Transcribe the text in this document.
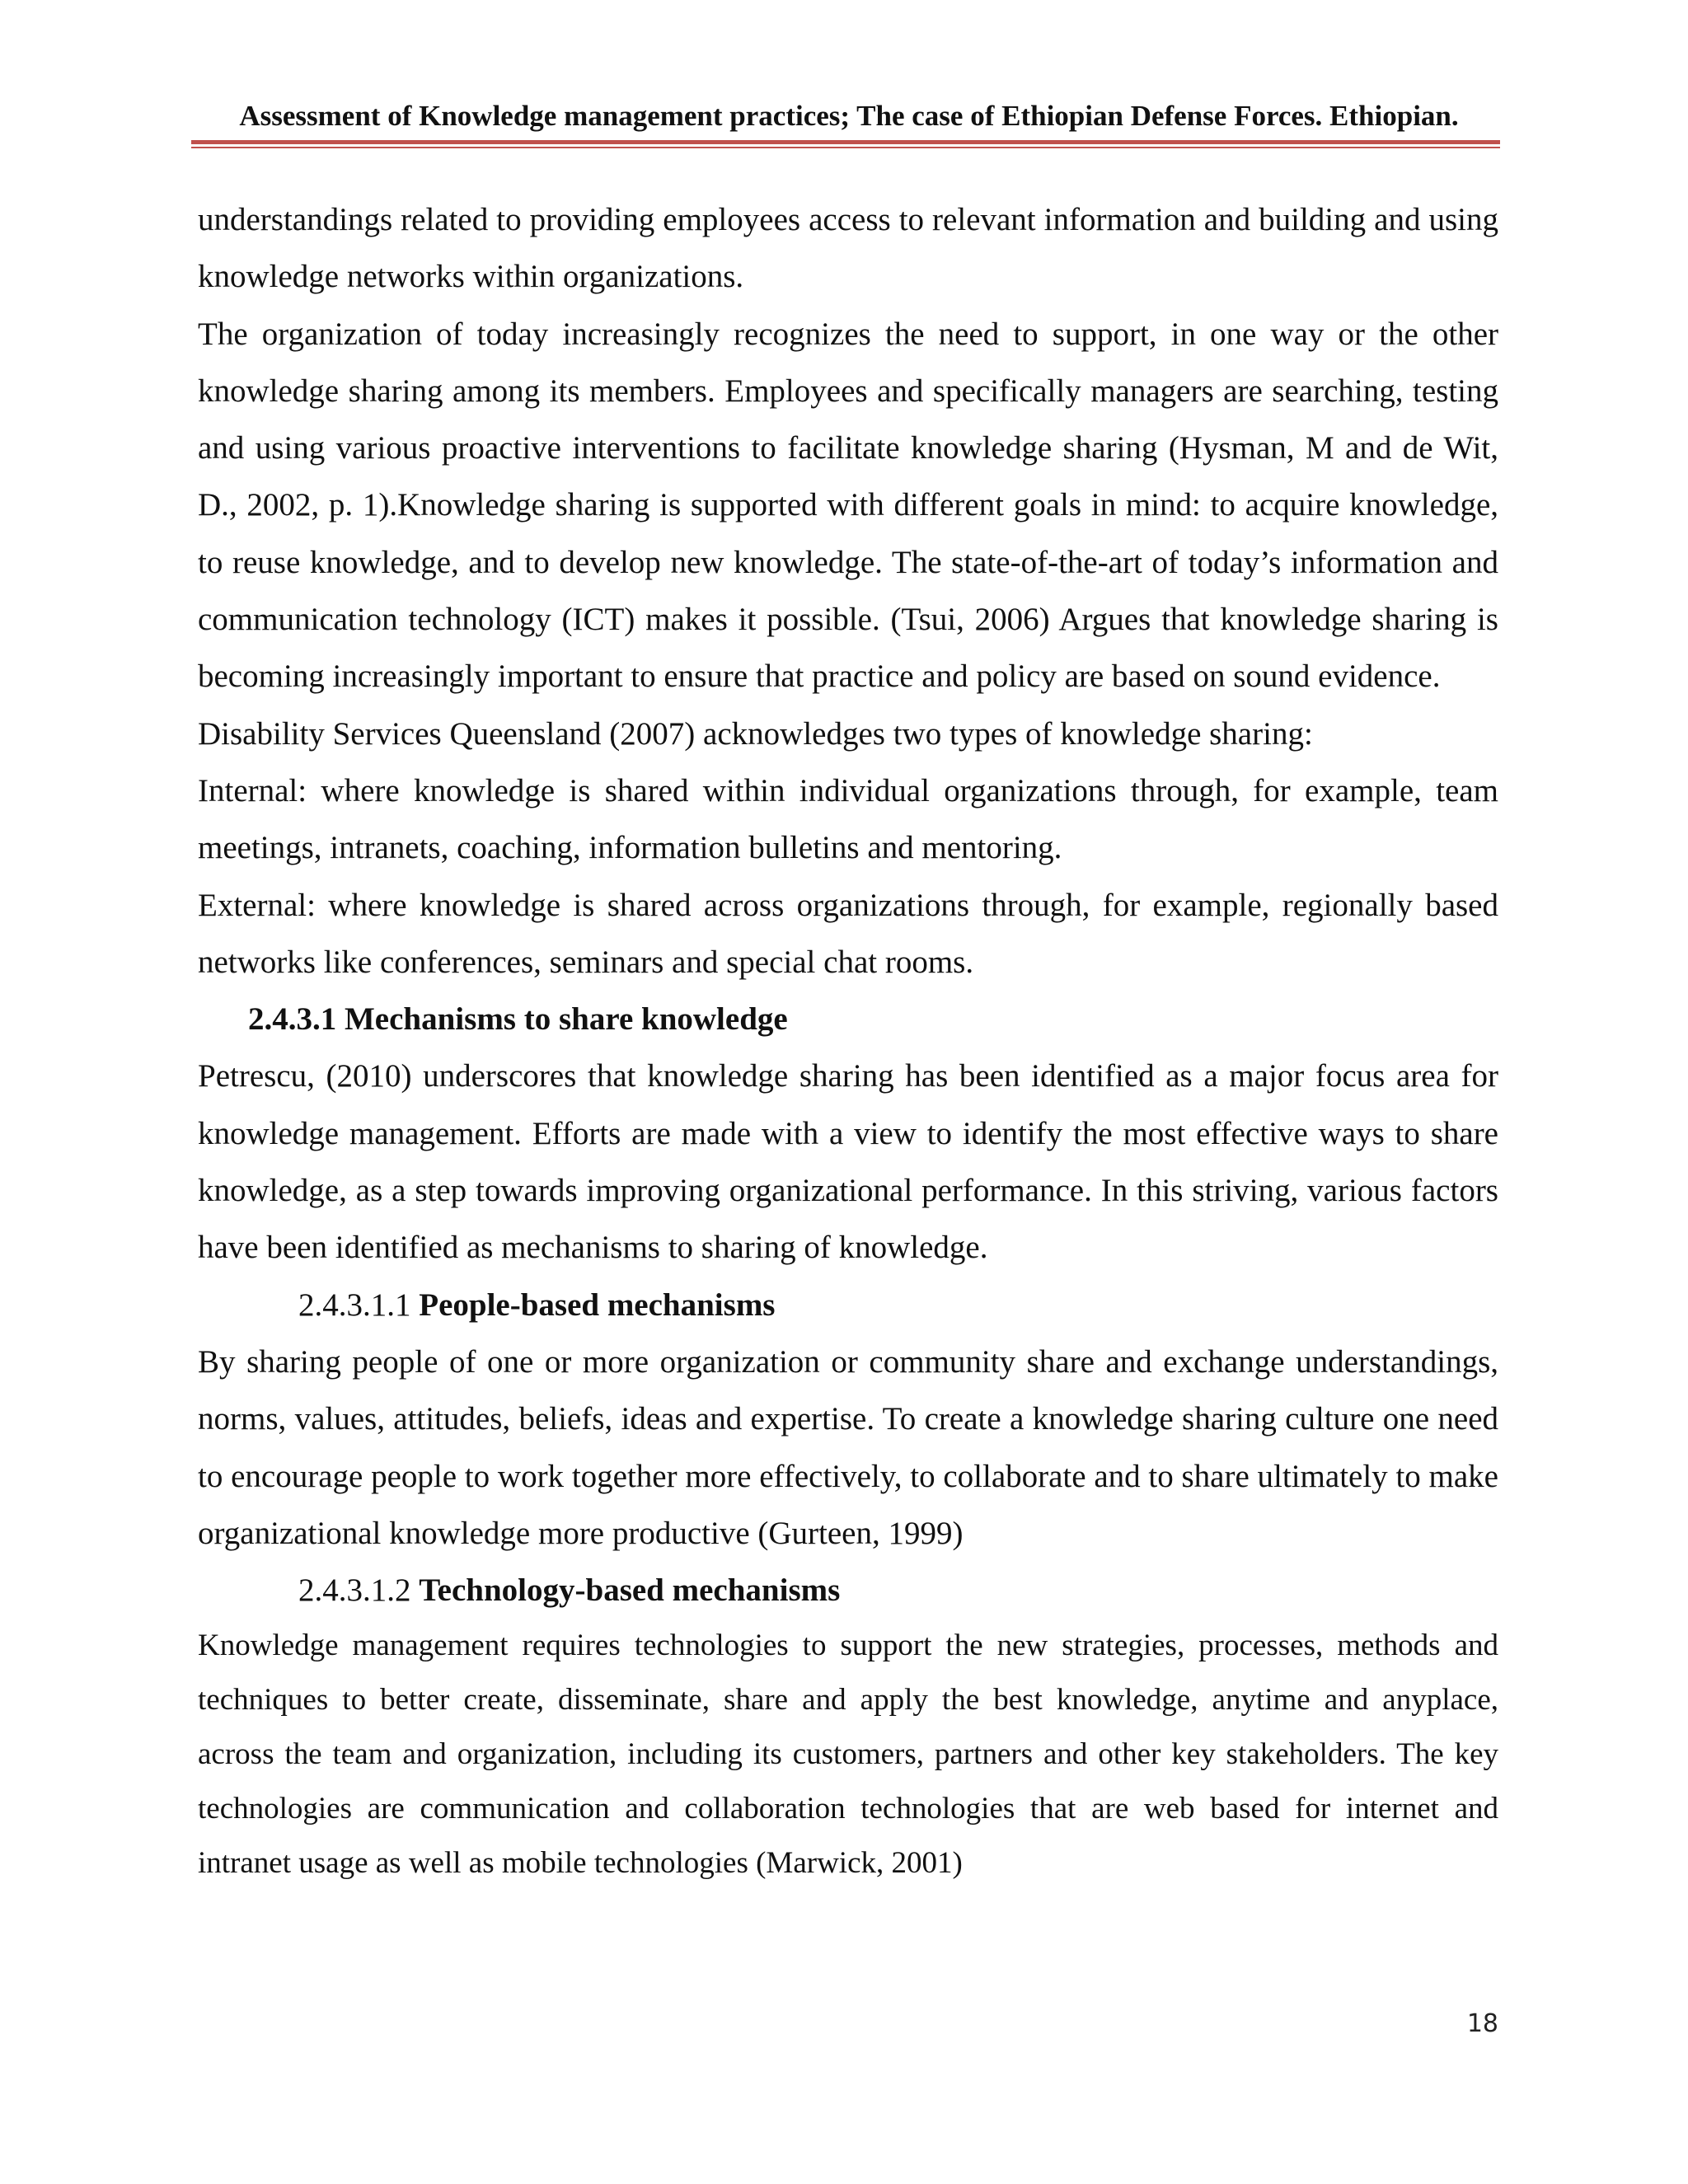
Assessment of Knowledge management practices; The case of Ethiopian Defense Forces. Ethiopian.

understandings related to providing employees access to relevant information and building and using knowledge networks within organizations.

The organization of today increasingly recognizes the need to support, in one way or the other knowledge sharing among its members. Employees and specifically managers are searching, testing and using various proactive interventions to facilitate knowledge sharing (Hysman, M and de Wit, D., 2002, p. 1).Knowledge sharing is supported with different goals in mind: to acquire knowledge, to reuse knowledge, and to develop new knowledge. The state-of-the-art of today’s information and communication technology (ICT) makes it possible. (Tsui, 2006) Argues that knowledge sharing is becoming increasingly important to ensure that practice and policy are based on sound evidence.

Disability Services Queensland (2007) acknowledges two types of knowledge sharing:

Internal: where knowledge is shared within individual organizations through, for example, team meetings, intranets, coaching, information bulletins and mentoring.

External: where knowledge is shared across organizations through, for example, regionally based networks like conferences, seminars and special chat rooms.

2.4.3.1 Mechanisms to share knowledge

Petrescu, (2010) underscores that knowledge sharing has been identified as a major focus area for knowledge management. Efforts are made with a view to identify the most effective ways to share knowledge, as a step towards improving organizational performance. In this striving, various factors have been identified as mechanisms to sharing of knowledge.

2.4.3.1.1 People-based mechanisms

By sharing people of one or more organization or community share and exchange understandings, norms, values, attitudes, beliefs, ideas and expertise. To create a knowledge sharing culture one need to encourage people to work together more effectively, to collaborate and to share ultimately to make organizational knowledge more productive (Gurteen, 1999)

2.4.3.1.2 Technology-based mechanisms

Knowledge management requires technologies to support the new strategies, processes, methods and techniques to better create, disseminate, share and apply the best knowledge, anytime and anyplace, across the team and organization, including its customers, partners and other key stakeholders. The key technologies are communication and collaboration technologies that are web based for internet and intranet usage as well as mobile technologies (Marwick, 2001)

18
